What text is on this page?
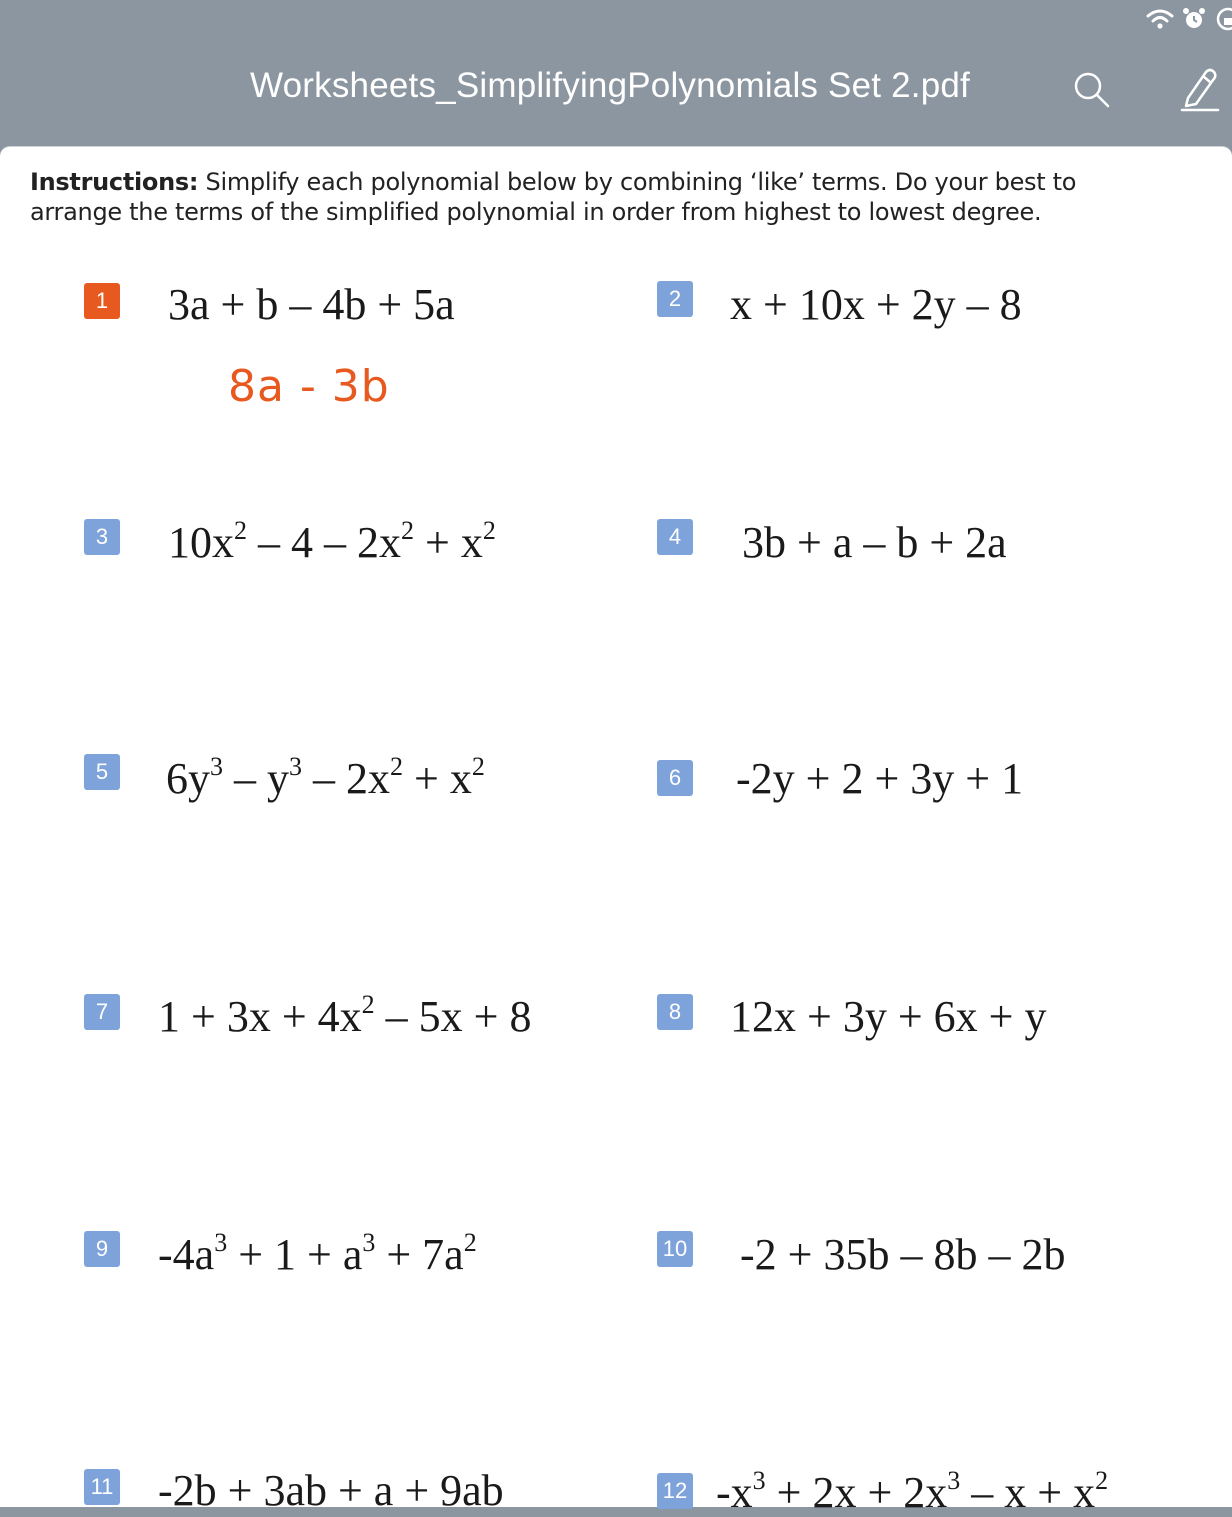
Worksheets_SimplifyingPolynomials Set 2.pdf
Instructions: Simplify each polynomial below by combining ‘like’ terms. Do your best to arrange the terms of the simplified polynomial in order from highest to lowest degree.
1 3a + b – 4b + 5a
8a - 3b
2 x + 10x + 2y – 8
3 $10x^2 - 4 - 2x^2 + x^2$	4 3b + a – b + 2a
5 $6y^3 - y^3 - 2x^2 + x^2$	6 -2y + 2 + 3y + 1
7 $1 + 3x + 4x^2 - 5x + 8$	8 12x + 3y + 6x + y
9 $-4a^3 + 1 + a^3 + 7a^2$	10 -2 + 35b – 8b – 2b
11 -2b + 3ab + a + 9ab	12 $-x^3 + 2x + 2x^3 - x + x^2$
